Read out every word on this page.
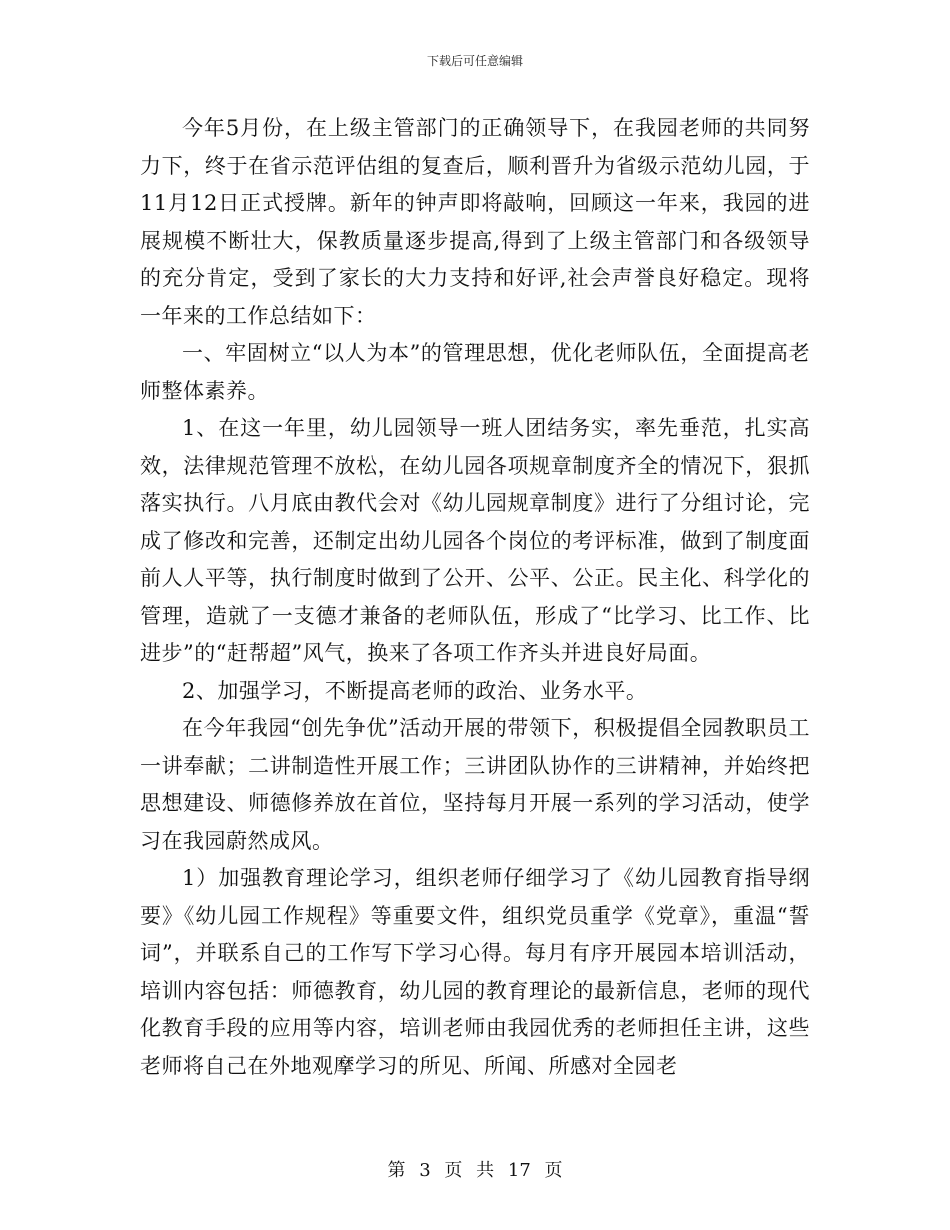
下载后可任意编辑

今年5月份，在上级主管部门的正确领导下，在我园老师的共同努力下，终于在省示范评估组的复查后，顺利晋升为省级示范幼儿园，于11月12日正式授牌。新年的钟声即将敲响，回顾这一年来，我园的进展规模不断壮大，保教质量逐步提高,得到了上级主管部门和各级领导的充分肯定，受到了家长的大力支持和好评,社会声誉良好稳定。现将一年来的工作总结如下：

一、牢固树立“以人为本”的管理思想，优化老师队伍，全面提高老师整体素养。

1、在这一年里，幼儿园领导一班人团结务实，率先垂范，扎实高效，法律规范管理不放松，在幼儿园各项规章制度齐全的情况下，狠抓落实执行。八月底由教代会对《幼儿园规章制度》进行了分组讨论，完成了修改和完善，还制定出幼儿园各个岗位的考评标准，做到了制度面前人人平等，执行制度时做到了公开、公平、公正。民主化、科学化的管理，造就了一支德才兼备的老师队伍，形成了“比学习、比工作、比进步”的“赶帮超”风气，换来了各项工作齐头并进良好局面。

2、加强学习，不断提高老师的政治、业务水平。

在今年我园“创先争优”活动开展的带领下，积极提倡全园教职员工一讲奉献；二讲制造性开展工作；三讲团队协作的三讲精神，并始终把思想建设、师德修养放在首位，坚持每月开展一系列的学习活动，使学习在我园蔚然成风。

1）加强教育理论学习，组织老师仔细学习了《幼儿园教育指导纲要》《幼儿园工作规程》等重要文件，组织党员重学《党章》，重温“誓词”，并联系自己的工作写下学习心得。每月有序开展园本培训活动，培训内容包括：师德教育，幼儿园的教育理论的最新信息，老师的现代化教育手段的应用等内容，培训老师由我园优秀的老师担任主讲，这些老师将自己在外地观摩学习的所见、所闻、所感对全园老

第 3 页 共 17 页
